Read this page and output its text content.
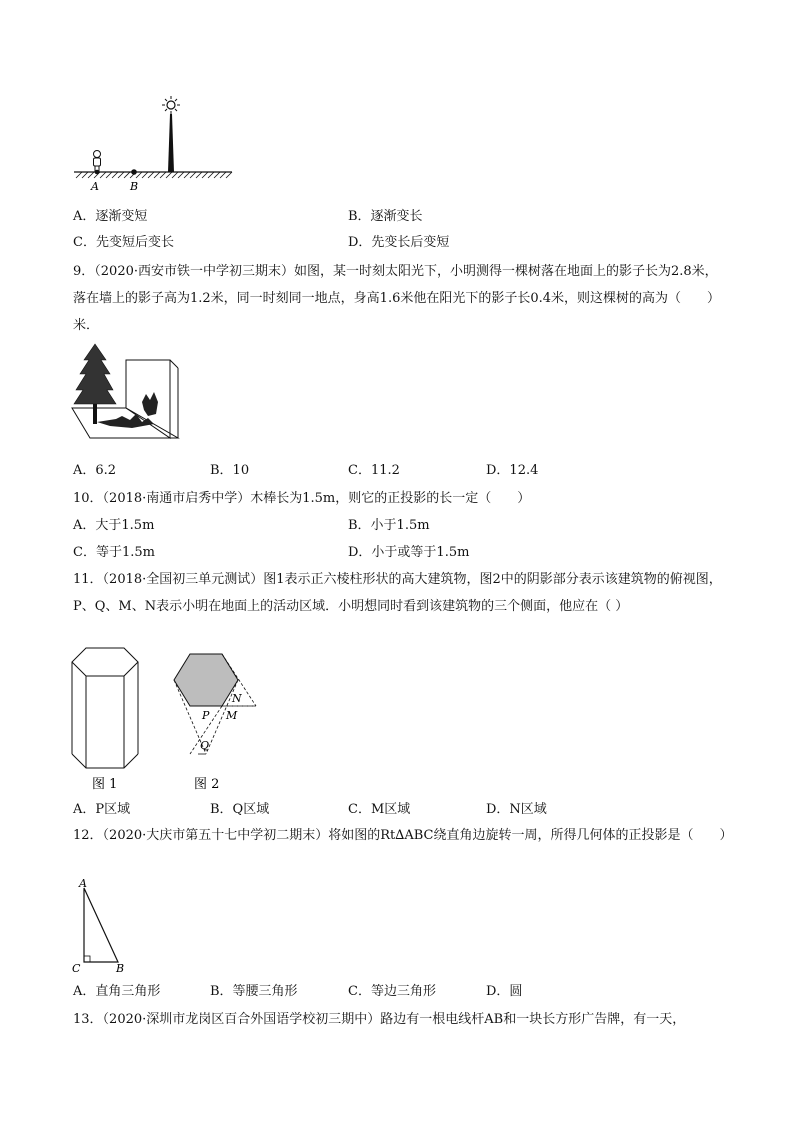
A	B
A．逐渐变短	B．逐渐变长
C．先变短后变长	D．先变长后变短
9．（2020·西安市铁一中学初三期末）如图，某一时刻太阳光下，小明测得一棵树落在地面上的影子长为2.8米，落在墙上的影子高为1.2米，同一时刻同一地点，身高1.6米他在阳光下的影子长0.4米，则这棵树的高为（　　）米．
A．6.2	B．10	C．11.2	D．12.4
10．（2018·南通市启秀中学）木棒长为1.5m，则它的正投影的长一定（　　）
A．大于1.5m	B．小于1.5m
C．等于1.5m	D．小于或等于1.5m
11．（2018·全国初三单元测试）图1表示正六棱柱形状的高大建筑物，图2中的阴影部分表示该建筑物的俯视图，P、Q、M、N表示小明在地面上的活动区域．小明想同时看到该建筑物的三个侧面，他应在（ ）
图 1
P M
N
Q
图 2
A．P区域	B．Q区域	C．M区域	D．N区域
12．（2020·大庆市第五十七中学初二期末）将如图的Rt∆ABC绕直角边旋转一周，所得几何体的正投影是（　　）
A
C	B
A．直角三角形	B．等腰三角形	C．等边三角形	D．圆
13．（2020·深圳市龙岗区百合外国语学校初三期中）路边有一根电线杆AB和一块长方形广告牌，有一天，
